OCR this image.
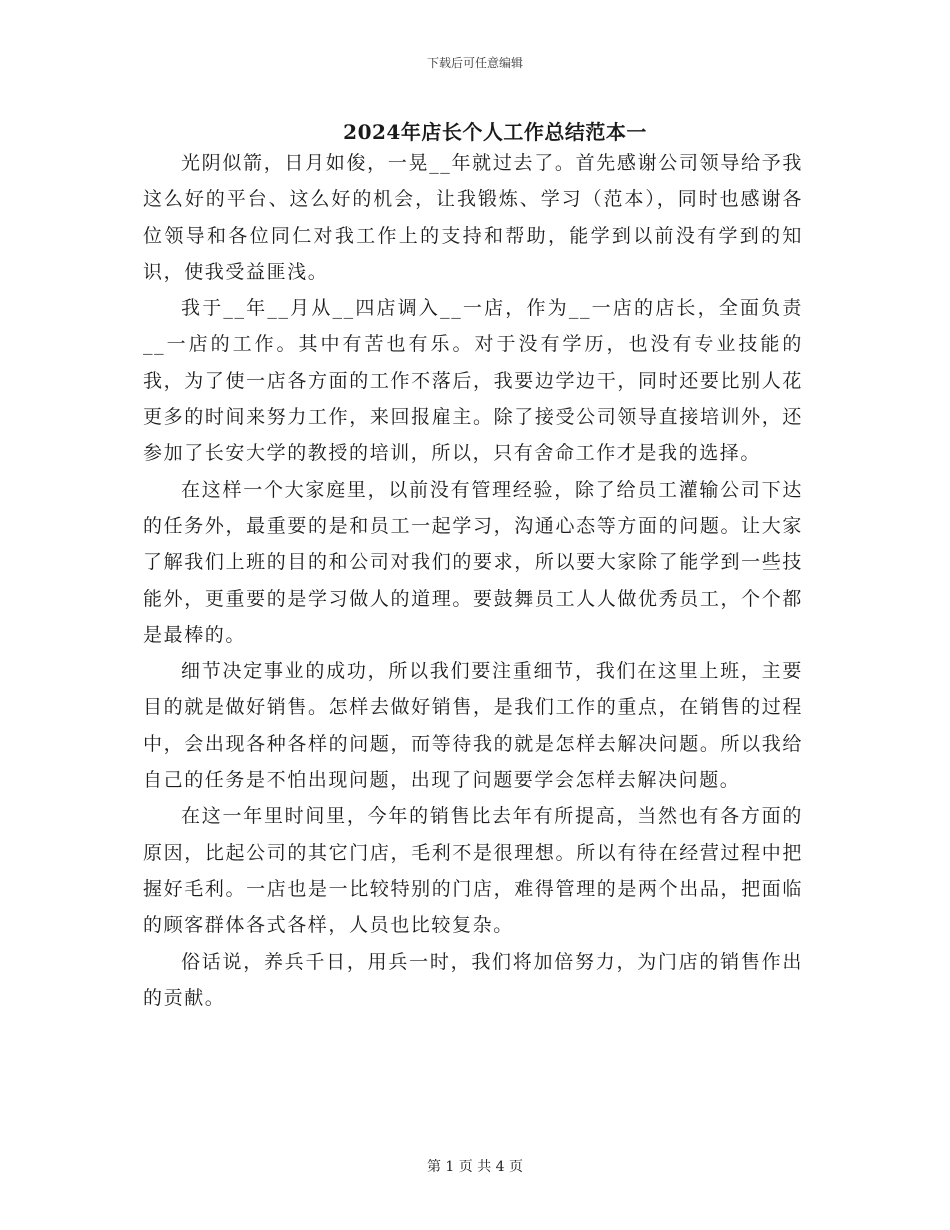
下载后可任意编辑
2024年店长个人工作总结范本一

光阴似箭，日月如俊，一晃__年就过去了。首先感谢公司领导给予我这么好的平台、这么好的机会，让我锻炼、学习（范本），同时也感谢各位领导和各位同仁对我工作上的支持和帮助，能学到以前没有学到的知识，使我受益匪浅。

我于__年__月从__四店调入__一店，作为__一店的店长，全面负责__一店的工作。其中有苦也有乐。对于没有学历，也没有专业技能的我，为了使一店各方面的工作不落后，我要边学边干，同时还要比别人花更多的时间来努力工作，来回报雇主。除了接受公司领导直接培训外，还参加了长安大学的教授的培训，所以，只有舍命工作才是我的选择。

在这样一个大家庭里，以前没有管理经验，除了给员工灌输公司下达的任务外，最重要的是和员工一起学习，沟通心态等方面的问题。让大家了解我们上班的目的和公司对我们的要求，所以要大家除了能学到一些技能外，更重要的是学习做人的道理。要鼓舞员工人人做优秀员工，个个都是最棒的。

细节决定事业的成功，所以我们要注重细节，我们在这里上班，主要目的就是做好销售。怎样去做好销售，是我们工作的重点，在销售的过程中，会出现各种各样的问题，而等待我的就是怎样去解决问题。所以我给自己的任务是不怕出现问题，出现了问题要学会怎样去解决问题。

在这一年里时间里，今年的销售比去年有所提高，当然也有各方面的原因，比起公司的其它门店，毛利不是很理想。所以有待在经营过程中把握好毛利。一店也是一比较特别的门店，难得管理的是两个出品，把面临的顾客群体各式各样，人员也比较复杂。

俗话说，养兵千日，用兵一时，我们将加倍努力，为门店的销售作出的贡献。

第 1 页 共 4 页
